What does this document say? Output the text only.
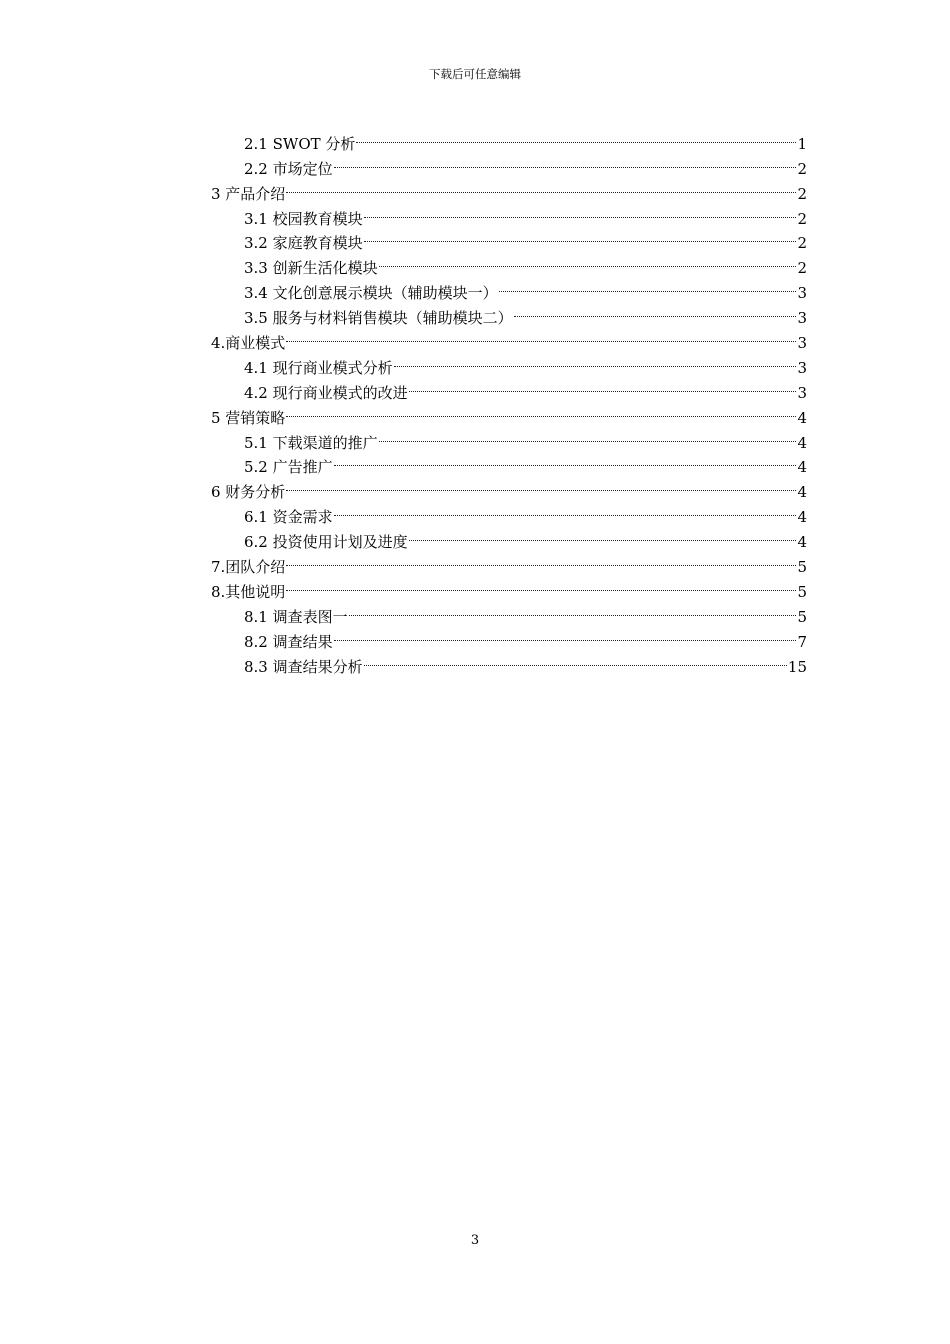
下载后可任意编辑
2.1 SWOT 分析	1
2.2 市场定位	2
3 产品介绍	2
3.1 校园教育模块	2
3.2 家庭教育模块	2
3.3 创新生活化模块	2
3.4 文化创意展示模块（辅助模块一）	3
3.5 服务与材料销售模块（辅助模块二）	3
4.商业模式	3
4.1 现行商业模式分析	3
4.2 现行商业模式的改进	3
5 营销策略	4
5.1 下载渠道的推广	4
5.2 广告推广	4
6 财务分析	4
6.1 资金需求	4
6.2 投资使用计划及进度	4
7.团队介绍	5
8.其他说明	5
8.1 调查表图一	5
8.2 调查结果	7
8.3 调查结果分析	15
3
